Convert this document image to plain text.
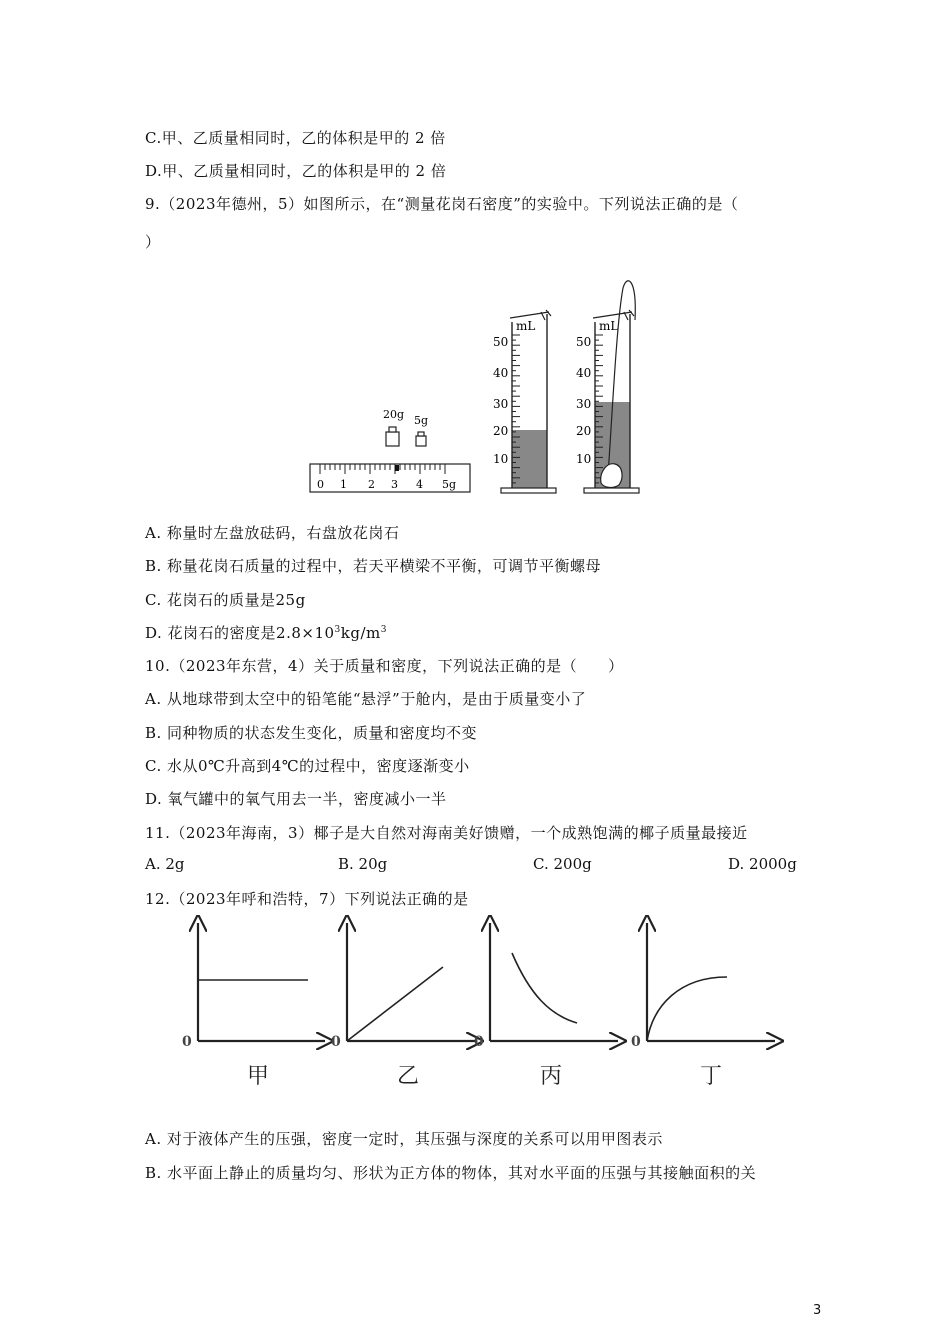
C.甲、乙质量相同时，乙的体积是甲的 2 倍
D.甲、乙质量相同时，乙的体积是甲的 2 倍
9.（2023年德州，5）如图所示，在“测量花岗石密度”的实验中。下列说法正确的是（
）
20g 5g
0 1 2 3 4 5g
mL
50
40
30
20
10
mL
50
40
30
20
10
A. 称量时左盘放砝码，右盘放花岗石
B. 称量花岗石质量的过程中，若天平横梁不平衡，可调节平衡螺母
C. 花岗石的质量是25g
D. 花岗石的密度是$2.8\times 10^3kg/m^3$
10.（2023年东营，4）关于质量和密度，下列说法正确的是（　　）
A. 从地球带到太空中的铅笔能“悬浮”于舱内，是由于质量变小了
B. 同种物质的状态发生变化，质量和密度均不变
C. 水从0℃升高到4℃的过程中，密度逐渐变小
D. 氧气罐中的氧气用去一半，密度减小一半
11.（2023年海南，3）椰子是大自然对海南美好馈赠，一个成熟饱满的椰子质量最接近
A. 2g	B. 20g	C. 200g	D. 2000g
12.（2023年呼和浩特，7）下列说法正确的是
0	0	0	0
甲	乙	丙	丁
A. 对于液体产生的压强，密度一定时，其压强与深度的关系可以用甲图表示
B. 水平面上静止的质量均匀、形状为正方体的物体，其对水平面的压强与其接触面积的关
3
